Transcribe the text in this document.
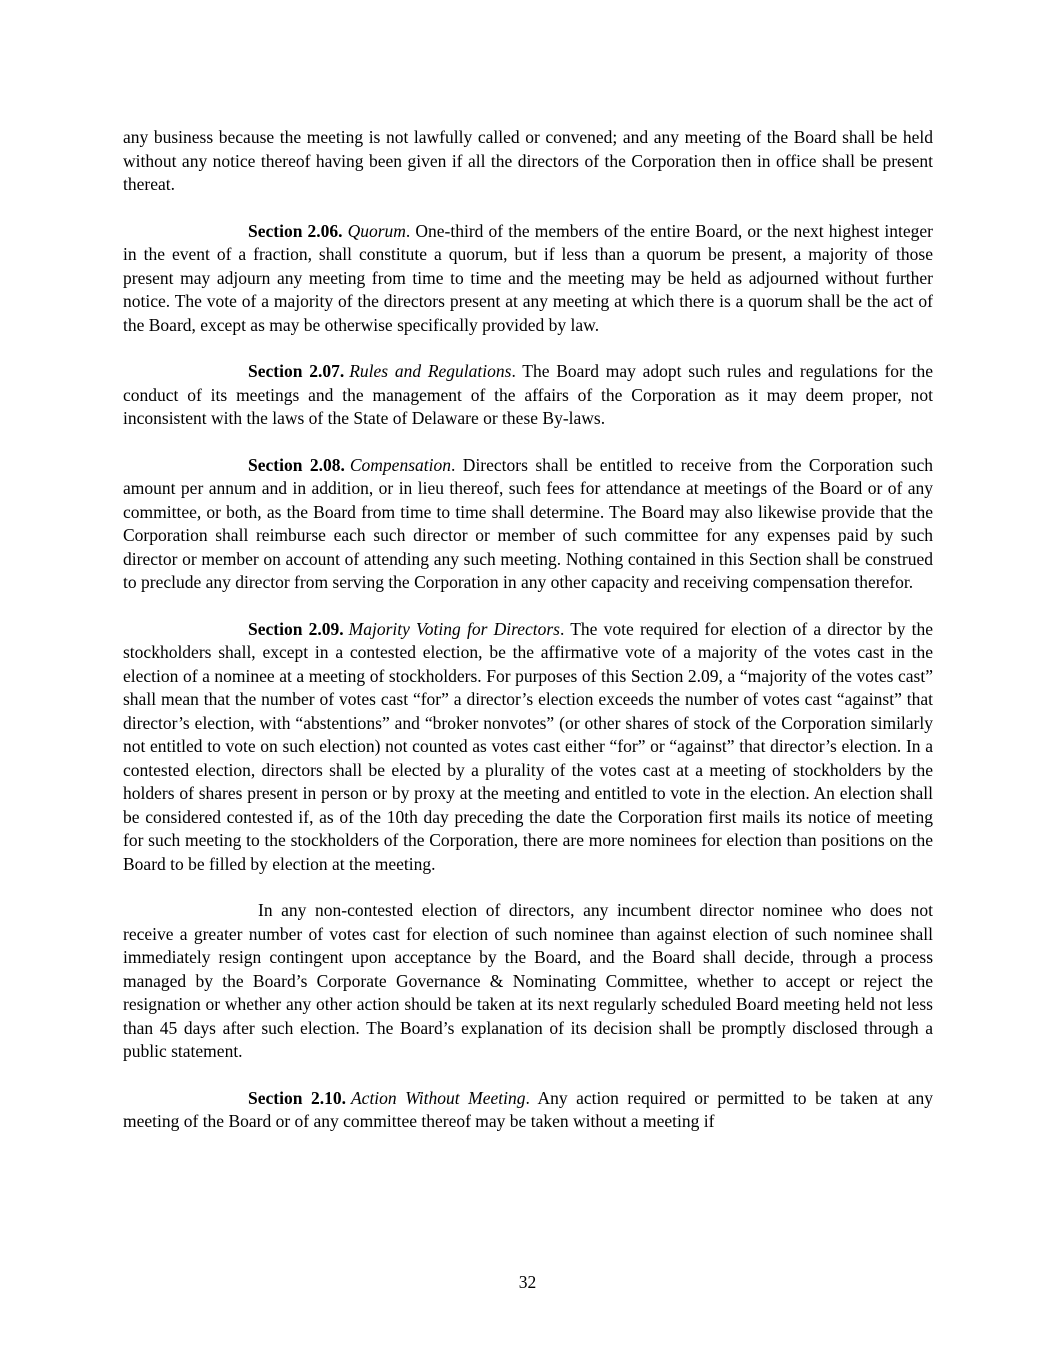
any business because the meeting is not lawfully called or convened; and any meeting of the Board shall be held without any notice thereof having been given if all the directors of the Corporation then in office shall be present thereat.

Section 2.06. Quorum. One-third of the members of the entire Board, or the next highest integer in the event of a fraction, shall constitute a quorum, but if less than a quorum be present, a majority of those present may adjourn any meeting from time to time and the meeting may be held as adjourned without further notice. The vote of a majority of the directors present at any meeting at which there is a quorum shall be the act of the Board, except as may be otherwise specifically provided by law.

Section 2.07. Rules and Regulations. The Board may adopt such rules and regulations for the conduct of its meetings and the management of the affairs of the Corporation as it may deem proper, not inconsistent with the laws of the State of Delaware or these By-laws.

Section 2.08. Compensation. Directors shall be entitled to receive from the Corporation such amount per annum and in addition, or in lieu thereof, such fees for attendance at meetings of the Board or of any committee, or both, as the Board from time to time shall determine. The Board may also likewise provide that the Corporation shall reimburse each such director or member of such committee for any expenses paid by such director or member on account of attending any such meeting. Nothing contained in this Section shall be construed to preclude any director from serving the Corporation in any other capacity and receiving compensation therefor.

Section 2.09. Majority Voting for Directors. The vote required for election of a director by the stockholders shall, except in a contested election, be the affirmative vote of a majority of the votes cast in the election of a nominee at a meeting of stockholders. For purposes of this Section 2.09, a “majority of the votes cast” shall mean that the number of votes cast “for” a director’s election exceeds the number of votes cast “against” that director’s election, with “abstentions” and “broker nonvotes” (or other shares of stock of the Corporation similarly not entitled to vote on such election) not counted as votes cast either “for” or “against” that director’s election. In a contested election, directors shall be elected by a plurality of the votes cast at a meeting of stockholders by the holders of shares present in person or by proxy at the meeting and entitled to vote in the election. An election shall be considered contested if, as of the 10th day preceding the date the Corporation first mails its notice of meeting for such meeting to the stockholders of the Corporation, there are more nominees for election than positions on the Board to be filled by election at the meeting.

In any non-contested election of directors, any incumbent director nominee who does not receive a greater number of votes cast for election of such nominee than against election of such nominee shall immediately resign contingent upon acceptance by the Board, and the Board shall decide, through a process managed by the Board’s Corporate Governance & Nominating Committee, whether to accept or reject the resignation or whether any other action should be taken at its next regularly scheduled Board meeting held not less than 45 days after such election. The Board’s explanation of its decision shall be promptly disclosed through a public statement.

Section 2.10. Action Without Meeting. Any action required or permitted to be taken at any meeting of the Board or of any committee thereof may be taken without a meeting if

32
